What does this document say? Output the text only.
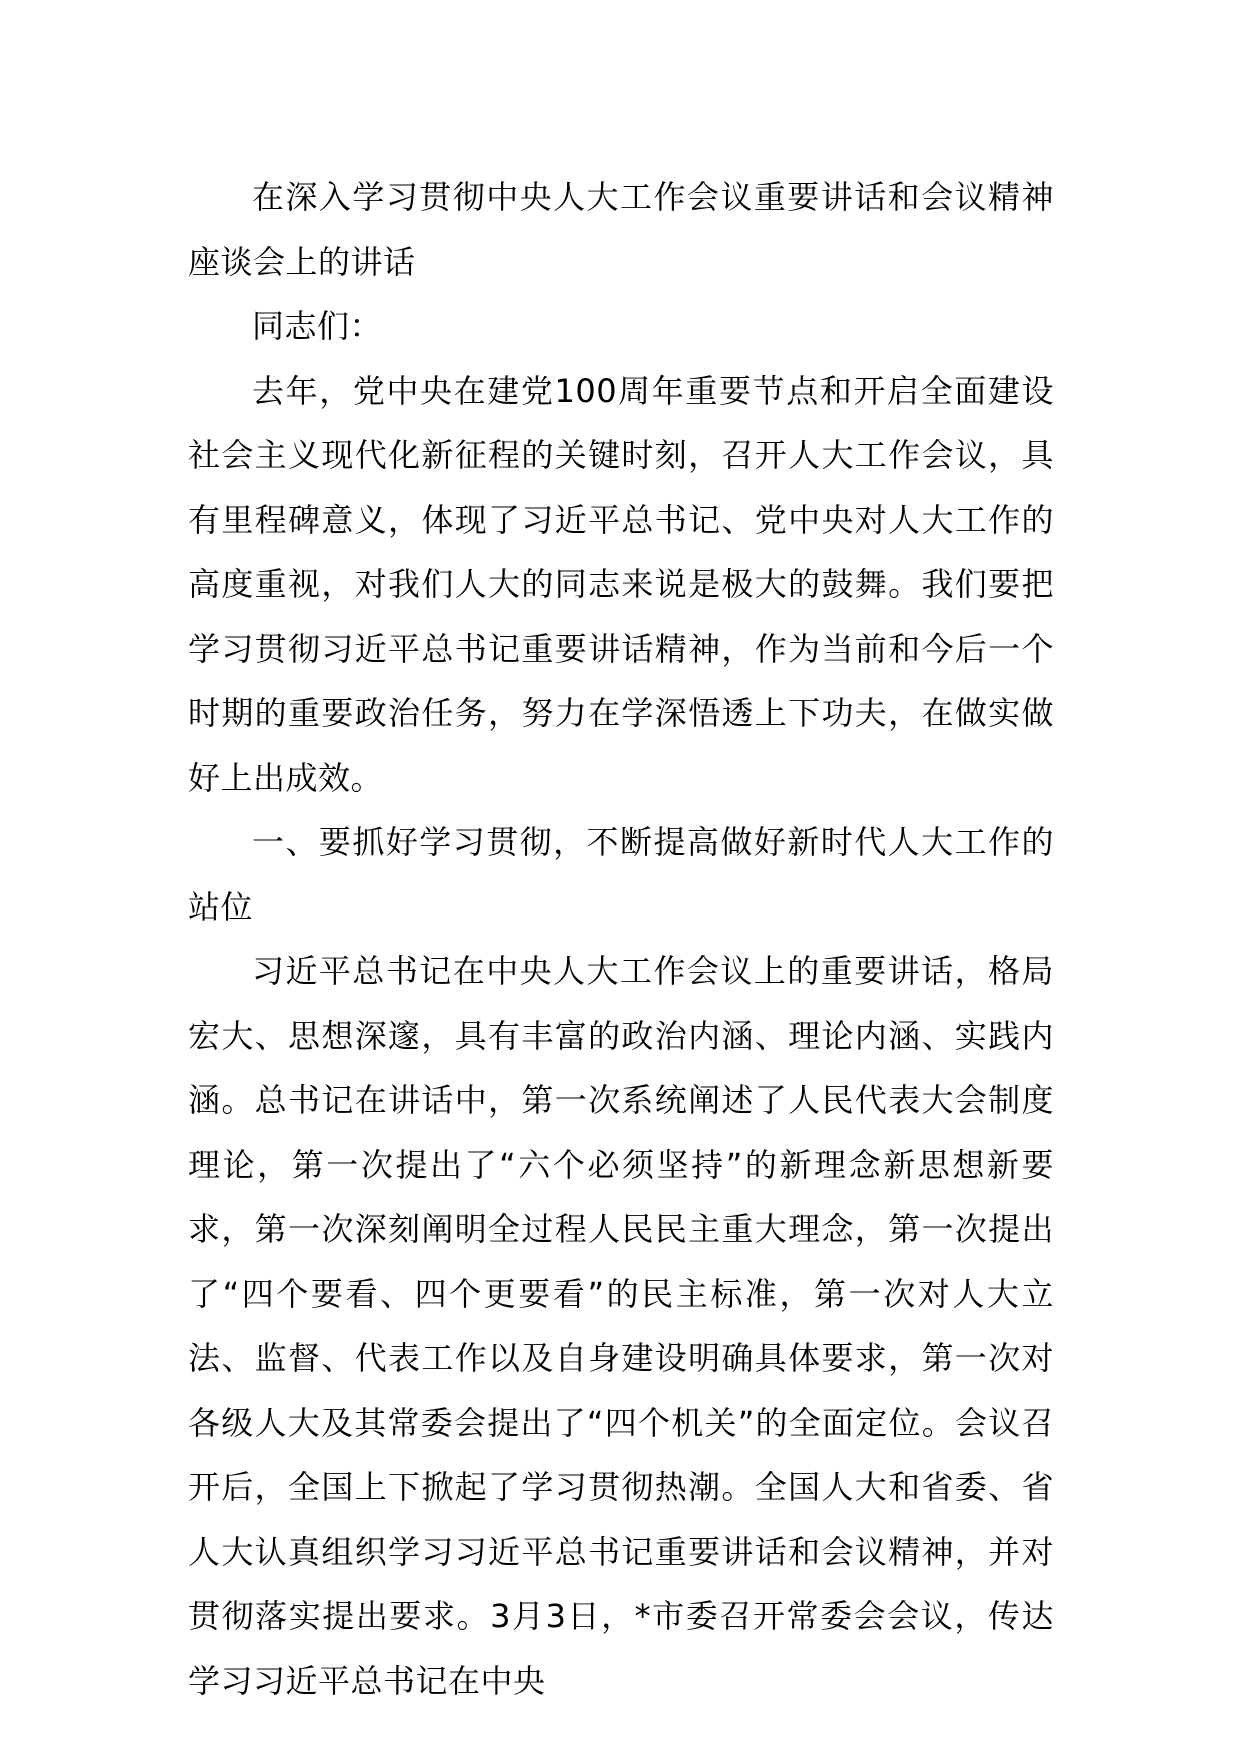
在深入学习贯彻中央人大工作会议重要讲话和会议精神座谈会上的讲话

同志们：

去年，党中央在建党100周年重要节点和开启全面建设社会主义现代化新征程的关键时刻，召开人大工作会议，具有里程碑意义，体现了习近平总书记、党中央对人大工作的高度重视，对我们人大的同志来说是极大的鼓舞。我们要把学习贯彻习近平总书记重要讲话精神，作为当前和今后一个时期的重要政治任务，努力在学深悟透上下功夫，在做实做好上出成效。

一、要抓好学习贯彻，不断提高做好新时代人大工作的站位

习近平总书记在中央人大工作会议上的重要讲话，格局宏大、思想深邃，具有丰富的政治内涵、理论内涵、实践内涵。总书记在讲话中，第一次系统阐述了人民代表大会制度理论，第一次提出了“六个必须坚持”的新理念新思想新要求，第一次深刻阐明全过程人民民主重大理念，第一次提出了“四个要看、四个更要看”的民主标准，第一次对人大立法、监督、代表工作以及自身建设明确具体要求，第一次对各级人大及其常委会提出了“四个机关”的全面定位。会议召开后，全国上下掀起了学习贯彻热潮。全国人大和省委、省人大认真组织学习习近平总书记重要讲话和会议精神，并对贯彻落实提出要求。3月3日，*市委召开常委会会议，传达学习习近平总书记在中央
